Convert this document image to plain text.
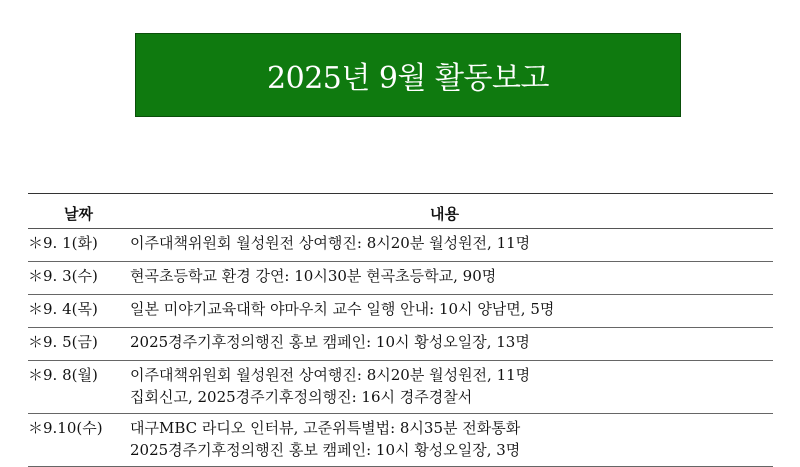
2025년 9월 활동보고
날짜	내용
＊9. 1(화) 이주대책위원회 월성원전 상여행진: 8시20분 월성원전, 11명
＊9. 3(수) 현곡초등학교 환경 강연: 10시30분 현곡초등학교, 90명
＊9. 4(목) 일본 미야기교육대학 야마우치 교수 일행 안내: 10시 양남면, 5명
＊9. 5(금) 2025경주기후정의행진 홍보 캠페인: 10시 황성오일장, 13명
＊9. 8(월) 이주대책위원회 월성원전 상여행진: 8시20분 월성원전, 11명
집회신고, 2025경주기후정의행진: 16시 경주경찰서
＊9.10(수) 대구MBC 라디오 인터뷰, 고준위특별법: 8시35분 전화통화
2025경주기후정의행진 홍보 캠페인: 10시 황성오일장, 3명
